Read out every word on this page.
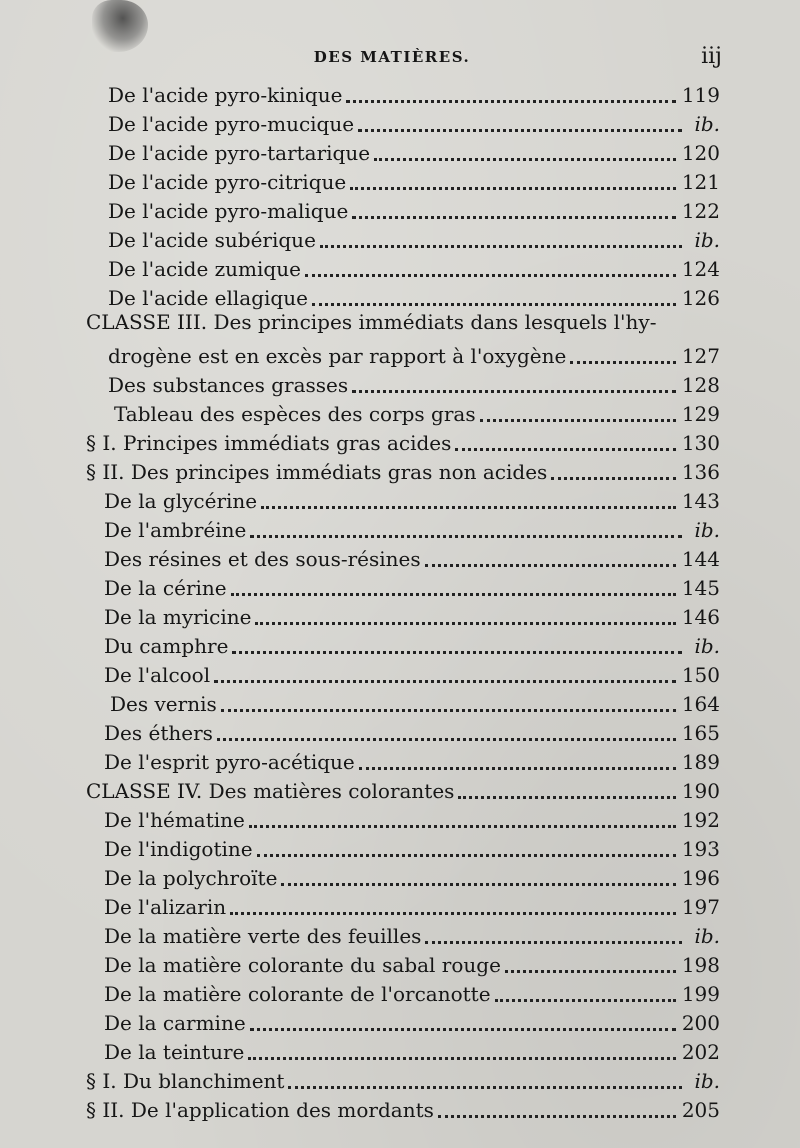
DES MATIÈRES.	iij
De l'acide pyro-kinique	119
De l'acide pyro-mucique	ib.
De l'acide pyro-tartarique	120
De l'acide pyro-citrique	121
De l'acide pyro-malique	122
De l'acide subérique	ib.
De l'acide zumique	124
De l'acide ellagique	126
CLASSE III. Des principes immédiats dans lesquels l'hy-
drogène est en excès par rapport à l'oxygène	127
Des substances grasses	128
Tableau des espèces des corps gras	129
§ I. Principes immédiats gras acides	130
§ II. Des principes immédiats gras non acides	136
De la glycérine	143
De l'ambréine	ib.
Des résines et des sous-résines	144
De la cérine	145
De la myricine	146
Du camphre	ib.
De l'alcool	150
Des vernis	164
Des éthers	165
De l'esprit pyro-acétique	189
CLASSE IV. Des matières colorantes	190
De l'hématine	192
De l'indigotine	193
De la polychroïte	196
De l'alizarin	197
De la matière verte des feuilles	ib.
De la matière colorante du sabal rouge	198
De la matière colorante de l'orcanotte	199
De la carmine	200
De la teinture	202
§ I. Du blanchiment	ib.
§ II. De l'application des mordants	205
